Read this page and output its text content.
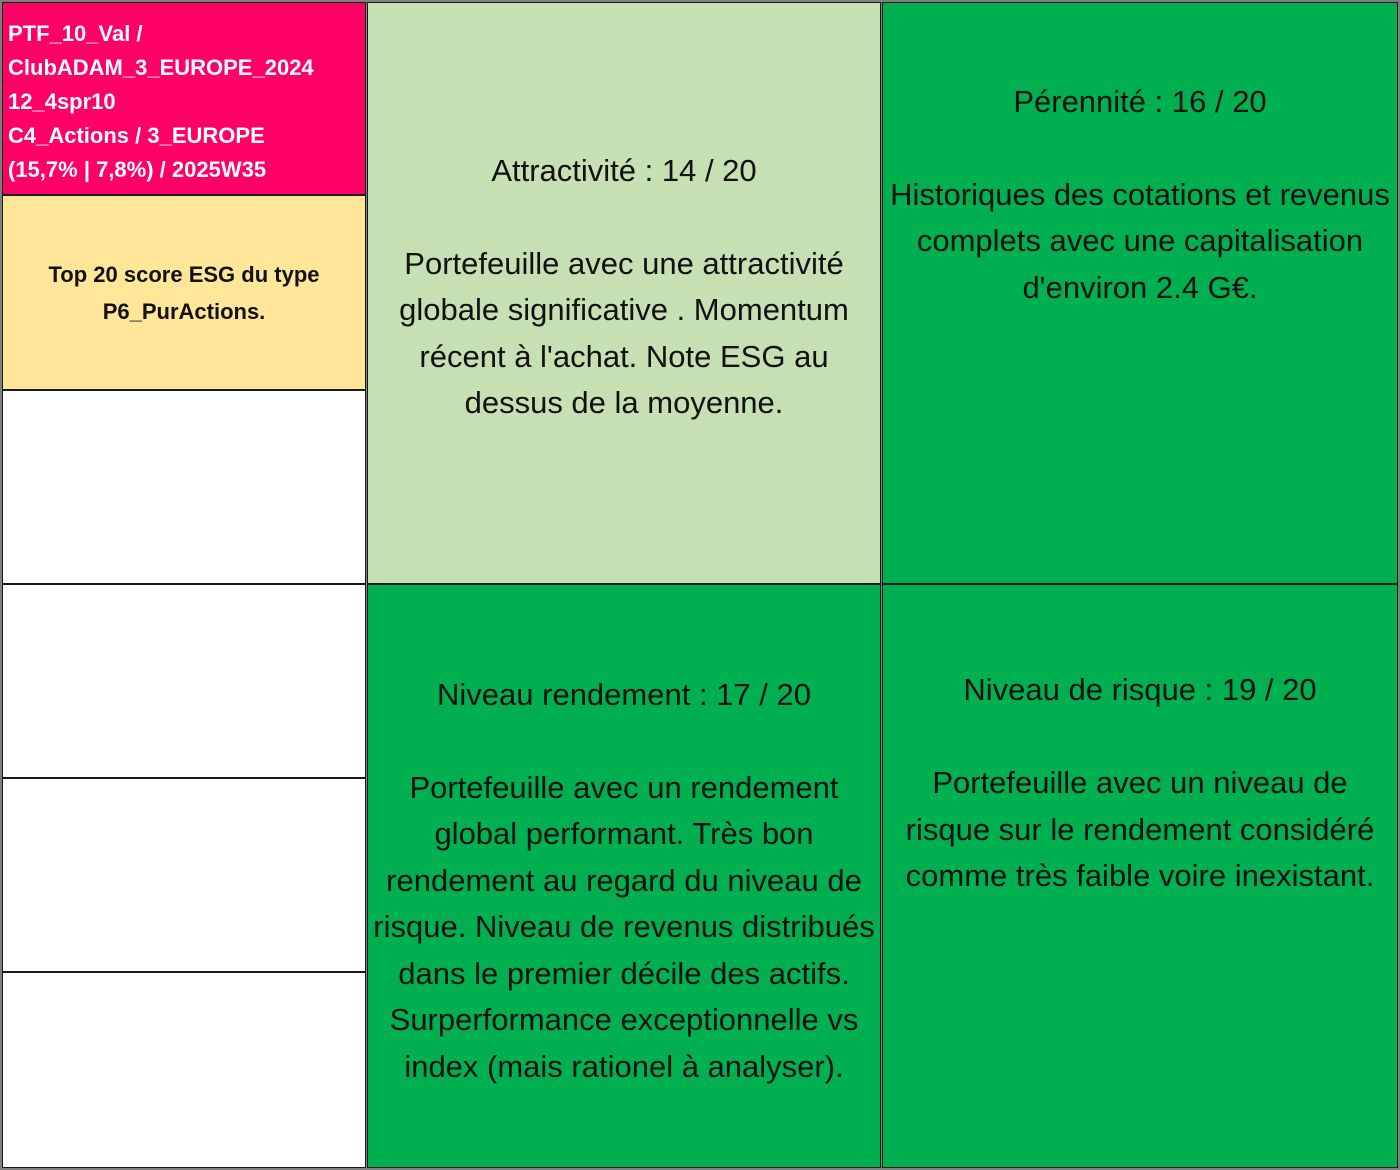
PTF_10_Val /
ClubADAM_3_EUROPE_2024
12_4spr10
C4_Actions / 3_EUROPE
(15,7% | 7,8%) / 2025W35
Top 20 score ESG du type P6_PurActions.
Attractivité : 14 / 20
Portefeuille avec une attractivité globale significative . Momentum récent à l'achat. Note ESG au dessus de la moyenne.
Pérennité : 16 / 20
Historiques des cotations et revenus complets avec une capitalisation d'environ 2.4 G€.
Niveau rendement : 17 / 20
Portefeuille avec un rendement global performant. Très bon rendement au regard du niveau de risque. Niveau de revenus distribués dans le premier décile des actifs. Surperformance exceptionnelle vs index (mais rationel à analyser).
Niveau de risque : 19 / 20
Portefeuille avec un niveau de risque sur le rendement considéré comme très faible voire inexistant.
